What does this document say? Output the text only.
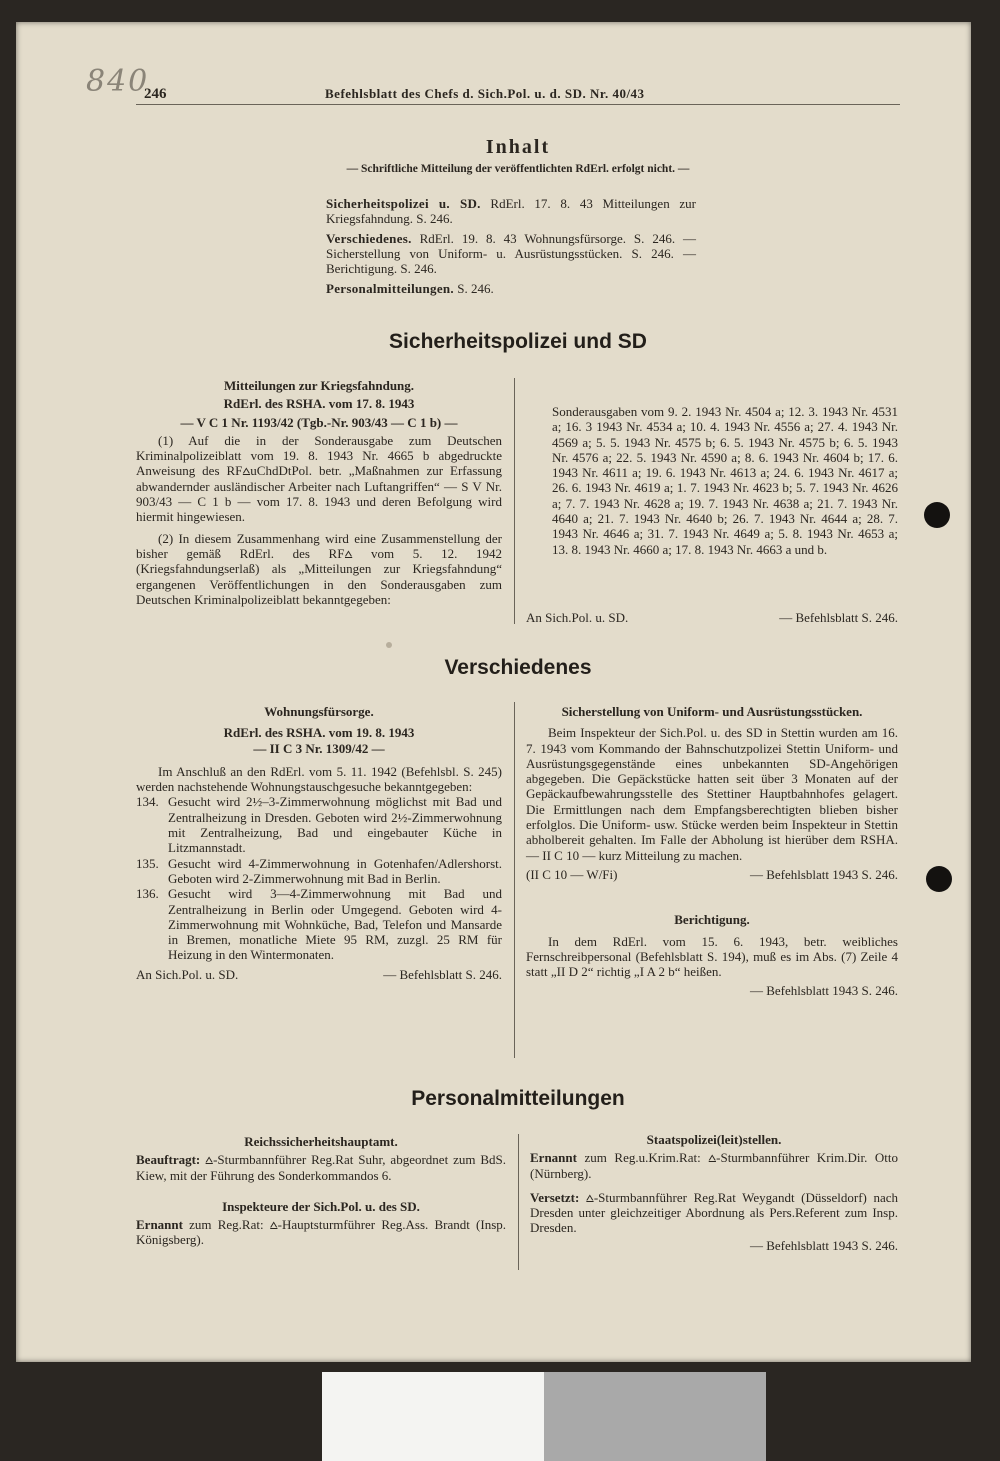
840
246	Befehlsblatt des Chefs d. Sich.Pol. u. d. SD. Nr. 40/43
Inhalt
— Schriftliche Mitteilung der veröffentlichten RdErl. erfolgt nicht. —

Sicherheitspolizei u. SD. RdErl. 17. 8. 43 Mitteilungen zur Kriegsfahndung. S. 246.

Verschiedenes. RdErl. 19. 8. 43 Wohnungsfürsorge. S. 246. — Sicherstellung von Uniform- u. Ausrüstungsstücken. S. 246. — Berichtigung. S. 246.

Personalmitteilungen. S. 246.

Sicherheitspolizei und SD

Mitteilungen zur Kriegsfahndung.

RdErl. des RSHA. vom 17. 8. 1943

— V C 1 Nr. 1193/42 (Tgb.-Nr. 903/43 — C 1 b) —

(1) Auf die in der Sonderausgabe zum Deutschen Kriminalpolizeiblatt vom 19. 8. 1943 Nr. 4665 b abgedruckte Anweisung des RF⩟uChdDtPol. betr. „Maßnahmen zur Erfassung abwandernder ausländischer Arbeiter nach Luftangriffen“ — S V Nr. 903/43 — C 1 b — vom 17. 8. 1943 und deren Befolgung wird hiermit hingewiesen.

(2) In diesem Zusammenhang wird eine Zusammenstellung der bisher gemäß RdErl. des RF⩟ vom 5. 12. 1942 (Kriegsfahndungserlaß) als „Mitteilungen zur Kriegsfahndung“ ergangenen Veröffentlichungen in den Sonderausgaben zum Deutschen Kriminalpolizeiblatt bekanntgegeben:

An Sich.Pol. u. SD.	— Befehlsblatt S. 246.

Sonderausgaben vom 9. 2. 1943 Nr. 4504 a; 12. 3. 1943 Nr. 4531 a; 16. 3 1943 Nr. 4534 a; 10. 4. 1943 Nr. 4556 a; 27. 4. 1943 Nr. 4569 a; 5. 5. 1943 Nr. 4575 b; 6. 5. 1943 Nr. 4575 b; 6. 5. 1943 Nr. 4576 a; 22. 5. 1943 Nr. 4590 a; 8. 6. 1943 Nr. 4604 b; 17. 6. 1943 Nr. 4611 a; 19. 6. 1943 Nr. 4613 a; 24. 6. 1943 Nr. 4617 a; 26. 6. 1943 Nr. 4619 a; 1. 7. 1943 Nr. 4623 b; 5. 7. 1943 Nr. 4626 a; 7. 7. 1943 Nr. 4628 a; 19. 7. 1943 Nr. 4638 a; 21. 7. 1943 Nr. 4640 a; 21. 7. 1943 Nr. 4640 b; 26. 7. 1943 Nr. 4644 a; 28. 7. 1943 Nr. 4646 a; 31. 7. 1943 Nr. 4649 a; 5. 8. 1943 Nr. 4653 a; 13. 8. 1943 Nr. 4660 a; 17. 8. 1943 Nr. 4663 a und b.

Verschiedenes

Wohnungsfürsorge.

RdErl. des RSHA. vom 19. 8. 1943

— II C 3 Nr. 1309/42 —

Im Anschluß an den RdErl. vom 5. 11. 1942 (Befehlsbl. S. 245) werden nachstehende Wohnungstauschgesuche bekanntgegeben:

134. Gesucht wird 2½–3-Zimmerwohnung möglichst mit Bad und Zentralheizung in Dresden. Geboten wird 2½-Zimmerwohnung mit Zentralheizung, Bad und eingebauter Küche in Litzmannstadt.
135. Gesucht wird 4-Zimmerwohnung in Gotenhafen/Adlershorst. Geboten wird 2-Zimmerwohnung mit Bad in Berlin.
136. Gesucht wird 3—4-Zimmerwohnung mit Bad und Zentralheizung in Berlin oder Umgegend. Geboten wird 4-Zimmerwohnung mit Wohnküche, Bad, Telefon und Mansarde in Bremen, monatliche Miete 95 RM, zuzgl. 25 RM für Heizung in den Wintermonaten.

An Sich.Pol. u. SD.	— Befehlsblatt S. 246.

Sicherstellung von Uniform- und Ausrüstungsstücken.

Beim Inspekteur der Sich.Pol. u. des SD in Stettin wurden am 16. 7. 1943 vom Kommando der Bahnschutzpolizei Stettin Uniform- und Ausrüstungsgegenstände eines unbekannten SD-Angehörigen abgegeben. Die Gepäckstücke hatten seit über 3 Monaten auf der Gepäckaufbewahrungsstelle des Stettiner Hauptbahnhofes gelagert. Die Ermittlungen nach dem Empfangsberechtigten blieben bisher erfolglos. Die Uniform- usw. Stücke werden beim Inspekteur in Stettin abholbereit gehalten. Im Falle der Abholung ist hierüber dem RSHA. — II C 10 — kurz Mitteilung zu machen.

(II C 10 — W/Fi)	— Befehlsblatt 1943 S. 246.

Berichtigung.

In dem RdErl. vom 15. 6. 1943, betr. weibliches Fernschreibpersonal (Befehlsblatt S. 194), muß es im Abs. (7) Zeile 4 statt „II D 2“ richtig „I A 2 b“ heißen.

— Befehlsblatt 1943 S. 246.

Personalmitteilungen

Reichssicherheitshauptamt.

Beauftragt: ⩟-Sturmbannführer Reg.Rat Suhr, abgeordnet zum BdS. Kiew, mit der Führung des Sonderkommandos 6.

Inspekteure der Sich.Pol. u. des SD.

Ernannt zum Reg.Rat: ⩟-Hauptsturmführer Reg.Ass. Brandt (Insp. Königsberg).

Staatspolizei(leit)stellen.

Ernannt zum Reg.u.Krim.Rat: ⩟-Sturmbannführer Krim.Dir. Otto (Nürnberg).

Versetzt: ⩟-Sturmbannführer Reg.Rat Weygandt (Düsseldorf) nach Dresden unter gleichzeitiger Abordnung als Pers.Referent zum Insp. Dresden.

— Befehlsblatt 1943 S. 246.
